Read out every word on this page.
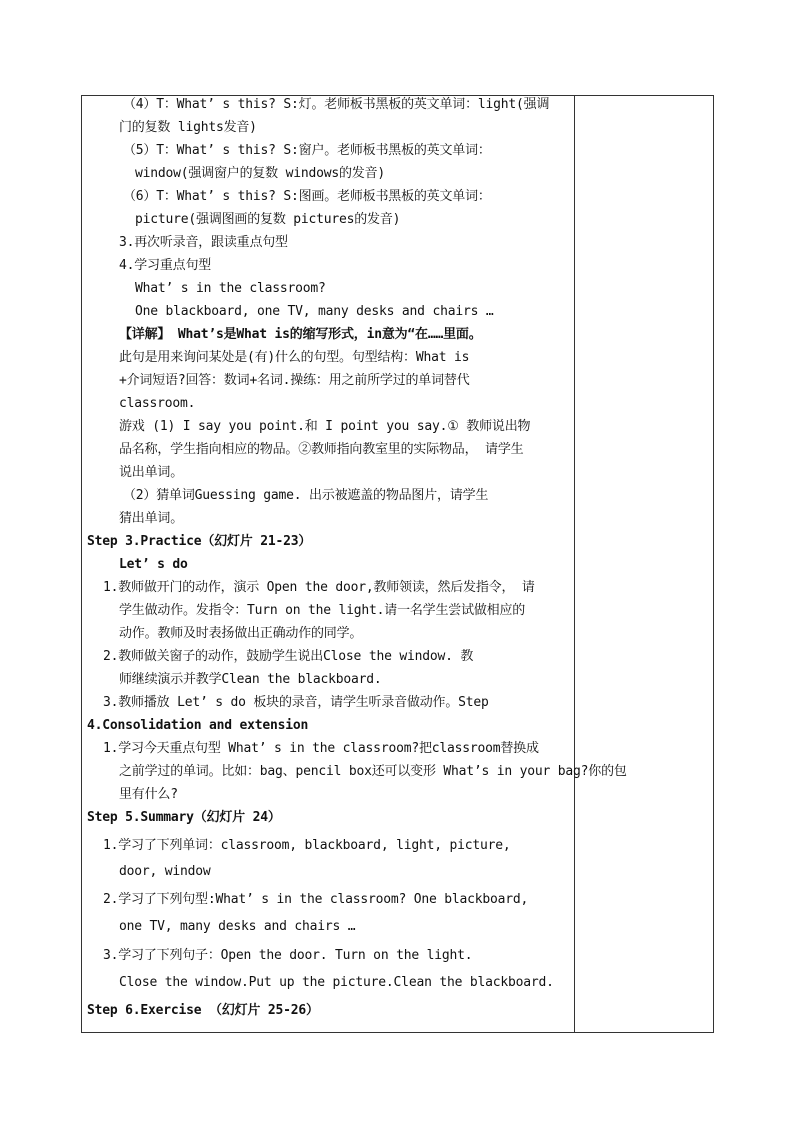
（4）T：What’ s this? S:灯。老师板书黑板的英文单词：light(强调
门的复数 lights发音)
（5）T：What’ s this? S:窗户。老师板书黑板的英文单词：
window(强调窗户的复数 windows的发音)
（6）T：What’ s this? S:图画。老师板书黑板的英文单词：
picture(强调图画的复数 pictures的发音)
3.再次听录音，跟读重点句型
4.学习重点句型
What’ s in the classroom?
One blackboard, one TV, many desks and chairs …
【详解】 What’s是What is的缩写形式，in意为“在……里面。
此句是用来询问某处是(有)什么的句型。句型结构：What is
+介词短语?回答：数词+名词.操练：用之前所学过的单词替代
classroom.
游戏 (1) I say you point.和 I point you say.① 教师说出物
品名称，学生指向相应的物品。②教师指向教室里的实际物品， 请学生
说出单词。
（2）猜单词Guessing game. 出示被遮盖的物品图片，请学生
猜出单词。
Step 3.Practice（幻灯片 21-23）
Let’ s do
1.教师做开门的动作，演示 Open the door,教师领读，然后发指令， 请
学生做动作。发指令：Turn on the light.请一名学生尝试做相应的
动作。教师及时表扬做出正确动作的同学。
2.教师做关窗子的动作，鼓励学生说出Close the window. 教
师继续演示并教学Clean the blackboard.
3.教师播放 Let’ s do 板块的录音，请学生听录音做动作。Step
4.Consolidation and extension
1.学习今天重点句型 What’ s in the classroom?把classroom替换成
之前学过的单词。比如：bag、pencil box还可以变形 What’s in your bag?你的包
里有什么?
Step 5.Summary（幻灯片 24）
1.学习了下列单词：classroom, blackboard, light, picture,
door, window
2.学习了下列句型:What’ s in the classroom? One blackboard,
one TV, many desks and chairs …
3.学习了下列句子：Open the door. Turn on the light.
Close the window.Put up the picture.Clean the blackboard.
Step 6.Exercise （幻灯片 25-26）
